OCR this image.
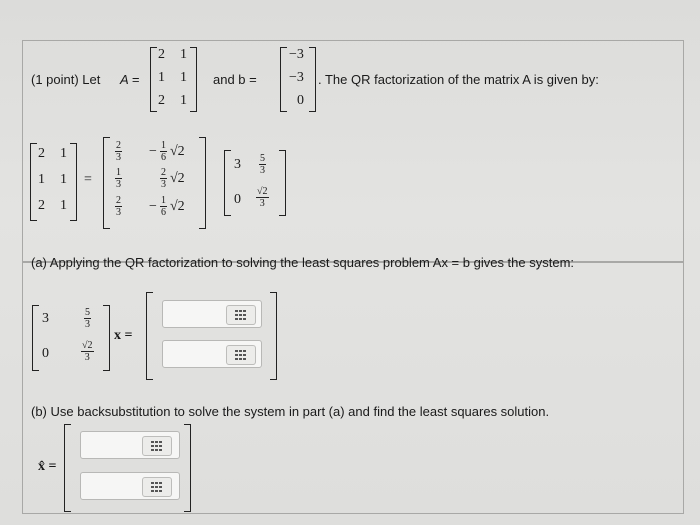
(1 point) Let A =
2 1
1 1
2 1
and b =
−3
−3
0
. The QR factorization of the matrix A is given by:
2 1
1 1
2 1
=
$\frac{2}{3}$
$\frac{1}{3}$
$\frac{2}{3}$
− $\frac{1}{6} √2$
$\frac{2}{3} √2$
− $\frac{1}{6} √2$
$3 \frac{5}{3}$
$0 \frac{√2}{3}$
(a) Applying the QR factorization to solving the least squares problem Ax = b gives the system:
3	$\frac{5}{3}$
0	$\frac{√2}{3}$
x =
(b) Use backsubstitution to solve the system in part (a) and find the least squares solution.
x̂ =
